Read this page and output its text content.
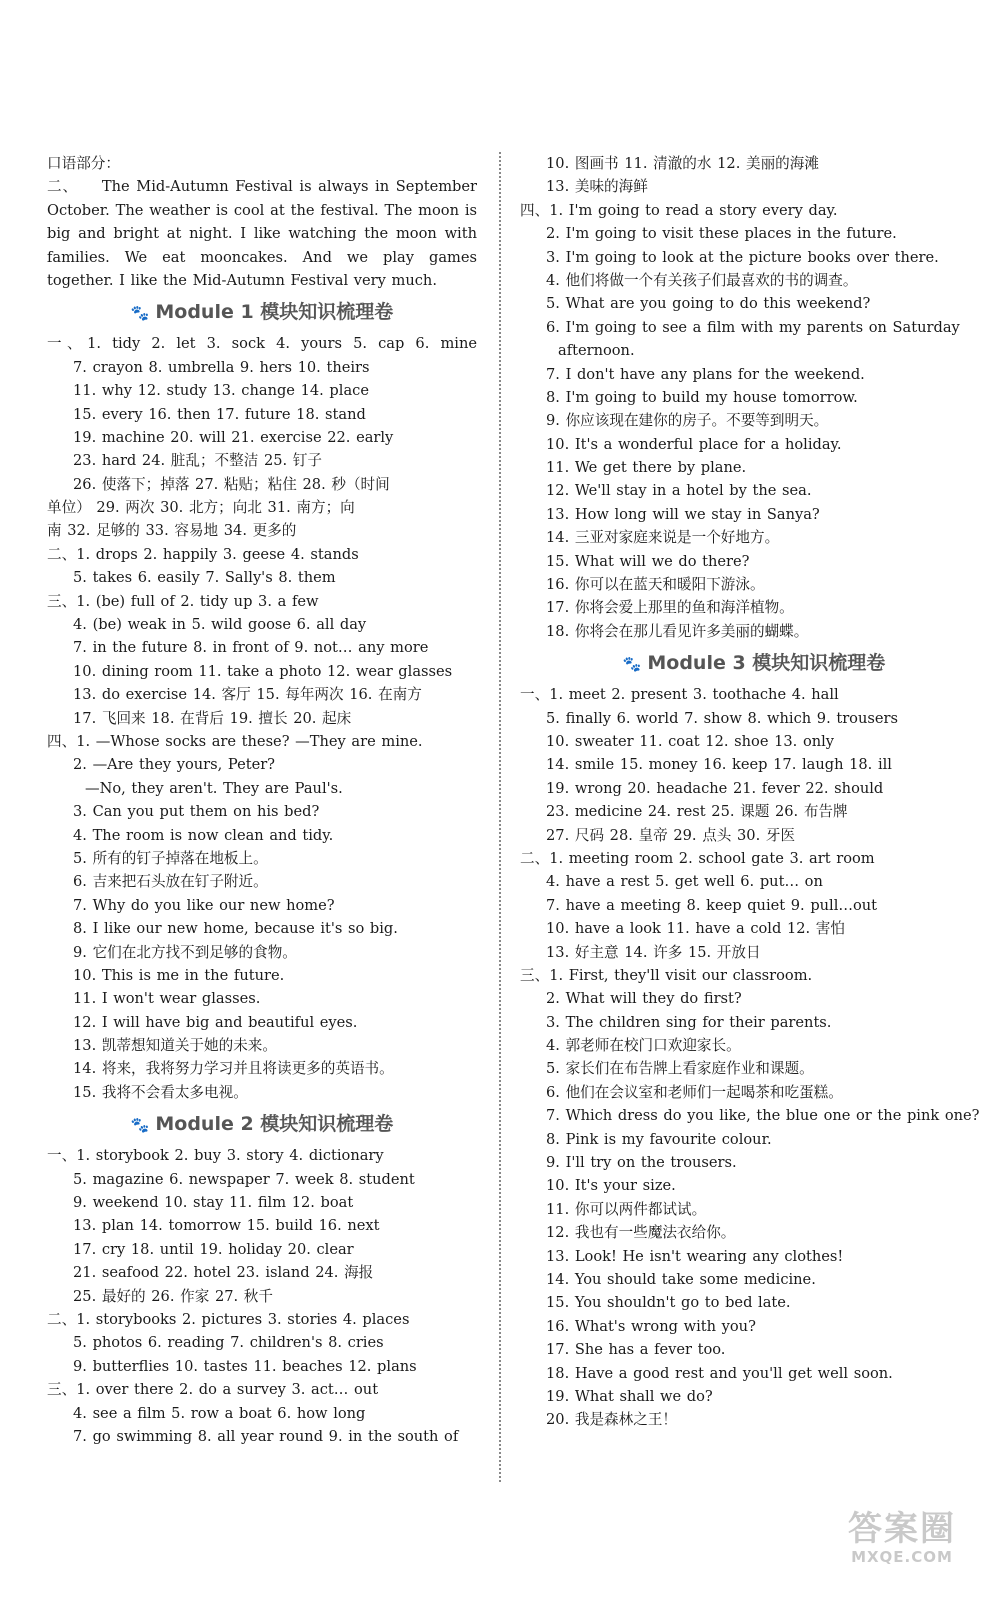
口语部分：
二、　　The Mid-Autumn Festival is always in September
October. The weather is cool at the festival. The moon is
big and bright at night. I like watching the moon with
families. We eat mooncakes. And we play games
together. I like the Mid-Autumn Festival very much.
🐾 Module 1 模块知识梳理卷
一、1. tidy 2. let 3. sock 4. yours 5. cap 6. mine
7. crayon 8. umbrella 9. hers 10. theirs
11. why 12. study 13. change 14. place
15. every 16. then 17. future 18. stand
19. machine 20. will 21. exercise 22. early
23. hard 24. 脏乱；不整洁 25. 钉子
26. 使落下；掉落 27. 粘贴；粘住 28. 秒（时间
单位） 29. 两次 30. 北方；向北 31. 南方；向
南 32. 足够的 33. 容易地 34. 更多的
二、1. drops 2. happily 3. geese 4. stands
5. takes 6. easily 7. Sally's 8. them
三、1. (be) full of 2. tidy up 3. a few
4. (be) weak in 5. wild goose 6. all day
7. in the future 8. in front of 9. not… any more
10. dining room 11. take a photo 12. wear glasses
13. do exercise 14. 客厅 15. 每年两次 16. 在南方
17. 飞回来 18. 在背后 19. 擅长 20. 起床
四、1. —Whose socks are these? —They are mine.
2. —Are they yours, Peter?
—No, they aren't. They are Paul's.
3. Can you put them on his bed?
4. The room is now clean and tidy.
5. 所有的钉子掉落在地板上。
6. 吉来把石头放在钉子附近。
7. Why do you like our new home?
8. I like our new home, because it's so big.
9. 它们在北方找不到足够的食物。
10. This is me in the future.
11. I won't wear glasses.
12. I will have big and beautiful eyes.
13. 凯蒂想知道关于她的未来。
14. 将来，我将努力学习并且将读更多的英语书。
15. 我将不会看太多电视。
🐾 Module 2 模块知识梳理卷
一、1. storybook 2. buy 3. story 4. dictionary
5. magazine 6. newspaper 7. week 8. student
9. weekend 10. stay 11. film 12. boat
13. plan 14. tomorrow 15. build 16. next
17. cry 18. until 19. holiday 20. clear
21. seafood 22. hotel 23. island 24. 海报
25. 最好的 26. 作家 27. 秋千
二、1. storybooks 2. pictures 3. stories 4. places
5. photos 6. reading 7. children's 8. cries
9. butterflies 10. tastes 11. beaches 12. plans
三、1. over there 2. do a survey 3. act… out
4. see a film 5. row a boat 6. how long
7. go swimming 8. all year round 9. in the south of
10. 图画书 11. 清澈的水 12. 美丽的海滩
13. 美味的海鲜
四、1. I'm going to read a story every day.
2. I'm going to visit these places in the future.
3. I'm going to look at the picture books over there.
4. 他们将做一个有关孩子们最喜欢的书的调查。
5. What are you going to do this weekend?
6. I'm going to see a film with my parents on Saturday
afternoon.
7. I don't have any plans for the weekend.
8. I'm going to build my house tomorrow.
9. 你应该现在建你的房子。不要等到明天。
10. It's a wonderful place for a holiday.
11. We get there by plane.
12. We'll stay in a hotel by the sea.
13. How long will we stay in Sanya?
14. 三亚对家庭来说是一个好地方。
15. What will we do there?
16. 你可以在蓝天和暖阳下游泳。
17. 你将会爱上那里的鱼和海洋植物。
18. 你将会在那儿看见许多美丽的蝴蝶。
🐾 Module 3 模块知识梳理卷
一、1. meet 2. present 3. toothache 4. hall
5. finally 6. world 7. show 8. which 9. trousers
10. sweater 11. coat 12. shoe 13. only
14. smile 15. money 16. keep 17. laugh 18. ill
19. wrong 20. headache 21. fever 22. should
23. medicine 24. rest 25. 课题 26. 布告牌
27. 尺码 28. 皇帝 29. 点头 30. 牙医
二、1. meeting room 2. school gate 3. art room
4. have a rest 5. get well 6. put… on
7. have a meeting 8. keep quiet 9. pull…out
10. have a look 11. have a cold 12. 害怕
13. 好主意 14. 许多 15. 开放日
三、1. First, they'll visit our classroom.
2. What will they do first?
3. The children sing for their parents.
4. 郭老师在校门口欢迎家长。
5. 家长们在布告牌上看家庭作业和课题。
6. 他们在会议室和老师们一起喝茶和吃蛋糕。
7. Which dress do you like, the blue one or the pink one?
8. Pink is my favourite colour.
9. I'll try on the trousers.
10. It's your size.
11. 你可以两件都试试。
12. 我也有一些魔法衣给你。
13. Look! He isn't wearing any clothes!
14. You should take some medicine.
15. You shouldn't go to bed late.
16. What's wrong with you?
17. She has a fever too.
18. Have a good rest and you'll get well soon.
19. What shall we do?
20. 我是森林之王！
答案圈
MXQE.COM
